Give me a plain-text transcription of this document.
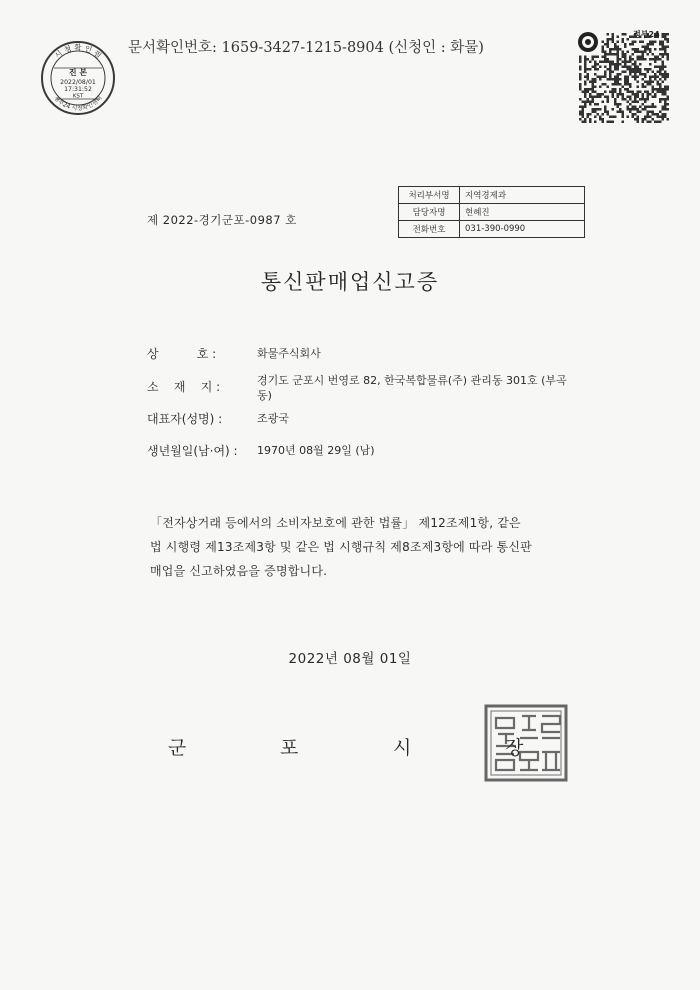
문서확인번호: 1659-3427-1215-8904 (신청인 : 화물)
시 청 확 인 필
정부24 시청확인센터
진 본
2022/08/01
17:31:52
KST
정부24
제 2022-경기군포-0987 호
처리부서명	지역경제과
담당자명	현혜진
전화번호	031-390-0990
통신판매업신고증
상          호 :	화물주식회사
소    재    지 :	경기도 군포시 번영로 82, 한국복합물류(주) 관리동 301호 (부곡동)
대표자(성명) :	조광국
생년월일(남·여) : 1970년 08월 29일 (남)
「전자상거래 등에서의 소비자보호에 관한 법률」 제12조제1항, 같은
법 시행령 제13조제3항 및 같은 법 시행규칙 제8조제3항에 따라 통신판
매업을 신고하였음을 증명합니다.
2022년 08월 01일
군	포	시	장
